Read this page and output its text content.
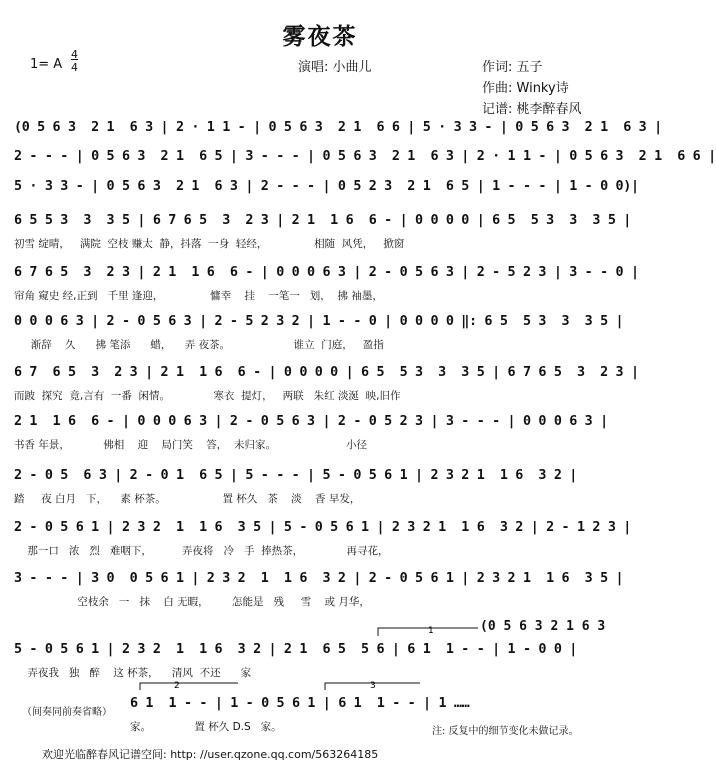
雾夜茶
1= A
4
4	演唱: 小曲儿	作词: 五子
作曲: Winky诗
记谱: 桃李醉春风
(0 5 6 3  2 1  6 3 | 2 · 1 1 - | 0 5 6 3  2 1  6 6 | 5 · 3 3 - | 0 5 6 3  2 1  6 3 |
2 - - - | 0 5 6 3  2 1  6 5 | 3 - - - | 0 5 6 3  2 1  6 3 | 2 · 1 1 - | 0 5 6 3  2 1  6 6 |
5 · 3 3 - | 0 5 6 3  2 1  6 3 | 2 - - - | 0 5 2 3  2 1  6 5 | 1 - - - | 1 - 0 0)|
6 5 5 3  3  3 5 | 6 7 6 5  3  2 3 | 2 1  1 6  6 - | 0 0 0 0 | 6 5  5 3  3  3 5 |
初雪 绽晴，   满院  空枝 赚太  静，抖落  一身  轻经，              相随  风凭，   掀窗
6 7 6 5  3  2 3 | 2 1  1 6  6 - | 0 0 0 6 3 | 2 - 0 5 6 3 | 2 - 5 2 3 | 3 - - 0 |
帘角 窥史 经,正到   千里 逢迎，              慵幸    挂    一笔一   划，  拂 袖墨，
0 0 0 6 3 | 2 - 0 5 6 3 | 2 - 5 2 3 2 | 1 - - 0 | 0 0 0 0 ‖: 6 5  5 3  3  3 5 |
渐辞    久      拂 笔添      蜡，    弄 夜茶。                   谁立  门庭，   盈指
6 7  6 5  3  2 3 | 2 1  1 6  6 - | 0 0 0 0 | 6 5  5 3  3  3 5 | 6 7 6 5  3  2 3 |
而跛  探究  竟,言有  一番  闲情。             寒衣  提灯，   两联   朱红 淡涎  映,旧作
2 1  1 6  6 - | 0 0 0 6 3 | 2 - 0 5 6 3 | 2 - 0 5 2 3 | 3 - - - | 0 0 0 6 3 |
书香 年景，          佛相    迎    局门笑    答，  未归家。                     小径
2 - 0 5  6 3 | 2 - 0 1  6 5 | 5 - - - | 5 - 0 5 6 1 | 2 3 2 1  1 6  3 2 |
踏     夜 白月   下，    素 杯茶。                 置 杯久   茶    淡    香 早发，
2 - 0 5 6 1 | 2 3 2  1  1 6  3 5 | 5 - 0 5 6 1 | 2 3 2 1  1 6  3 2 | 2 - 1 2 3 |
那一口   浓   烈   难咽下，         弄夜将   冷   手  捧热茶，             再寻花，
3 - - - | 3 0  0 5 6 1 | 2 3 2  1  1 6  3 2 | 2 - 0 5 6 1 | 2 3 2 1  1 6  3 5 |
空枝余   一   抹    白 无暇，       怎能是   残     雪    或 月华，
(0 5 6 3 2 1 6 3
5 - 0 5 6 1 | 2 3 2  1  1 6  3 2 | 2 1  6 5  5 6 | 6 1  1 - - | 1 - 0 0 |
弄夜我   独   醉    这 杯茶，    清风  不还      家
（间奏同前奏省略）
6 1  1 - - | 1 - 0 5 6 1 | 6 1  1 - - | 1 ……
家。             置 杯久 D.S   家。	注: 反复中的细节变化未做记录。
欢迎光临醉春风记谱空间: http: //user.qzone.qq.com/563264185
1
2	3
